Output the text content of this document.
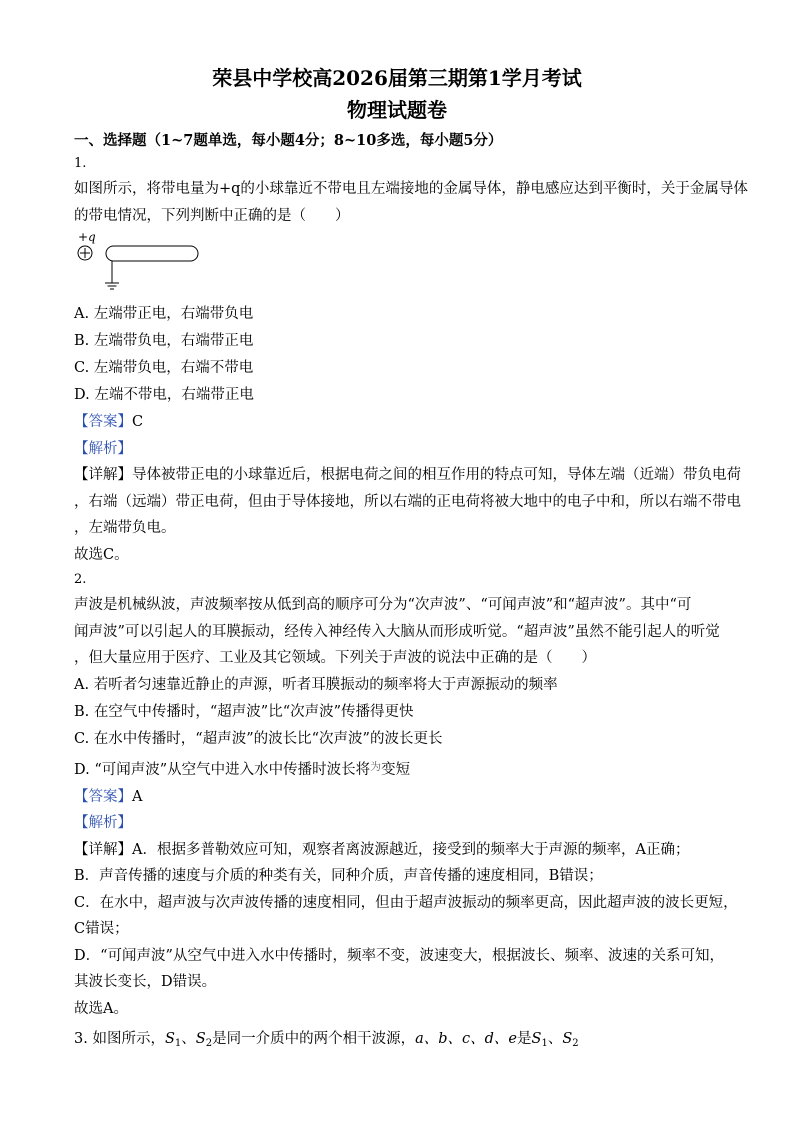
荣县中学校高2026届第三期第1学月考试
物理试题卷
一、选择题（1~7题单选，每小题4分；8~10多选，每小题5分）
1.
如图所示，将带电量为+q的小球靠近不带电且左端接地的金属导体，静电感应达到平衡时，关于金属导体
的带电情况，下列判断中正确的是（　　）
+q
A. 左端带正电，右端带负电
B. 左端带负电，右端带正电
C. 左端带负电，右端不带电
D. 左端不带电，右端带正电
【答案】C
【解析】
【详解】导体被带正电的小球靠近后，根据电荷之间的相互作用的特点可知，导体左端（近端）带负电荷
，右端（远端）带正电荷，但由于导体接地，所以右端的正电荷将被大地中的电子中和，所以右端不带电
，左端带负电。
故选C。
2.
声波是机械纵波，声波频率按从低到高的顺序可分为“次声波”、“可闻声波”和“超声波”。其中“可
闻声波”可以引起人的耳膜振动，经传入神经传入大脑从而形成听觉。“超声波”虽然不能引起人的听觉
，但大量应用于医疗、工业及其它领域。下列关于声波的说法中正确的是（　　）
A. 若听者匀速靠近静止的声源，听者耳膜振动的频率将大于声源振动的频率
B. 在空气中传播时，“超声波”比“次声波”传播得更快
C. 在水中传播时，“超声波”的波长比“次声波”的波长更长
D. “可闻声波”从空气中进入水中传播时波长将$^为$变短
【答案】A
【解析】
【详解】A．根据多普勒效应可知，观察者离波源越近，接受到的频率大于声源的频率，A正确；
B．声音传播的速度与介质的种类有关，同种介质，声音传播的速度相同，B错误；
C．在水中，超声波与次声波传播的速度相同，但由于超声波振动的频率更高，因此超声波的波长更短，
C错误；
D．“可闻声波”从空气中进入水中传播时，频率不变，波速变大，根据波长、频率、波速的关系可知，
其波长变长，D错误。
故选A。
3. 如图所示，$S_1$、$S_2$是同一介质中的两个相干波源，a、b、c、d、e是$S_1$、$S_2$
